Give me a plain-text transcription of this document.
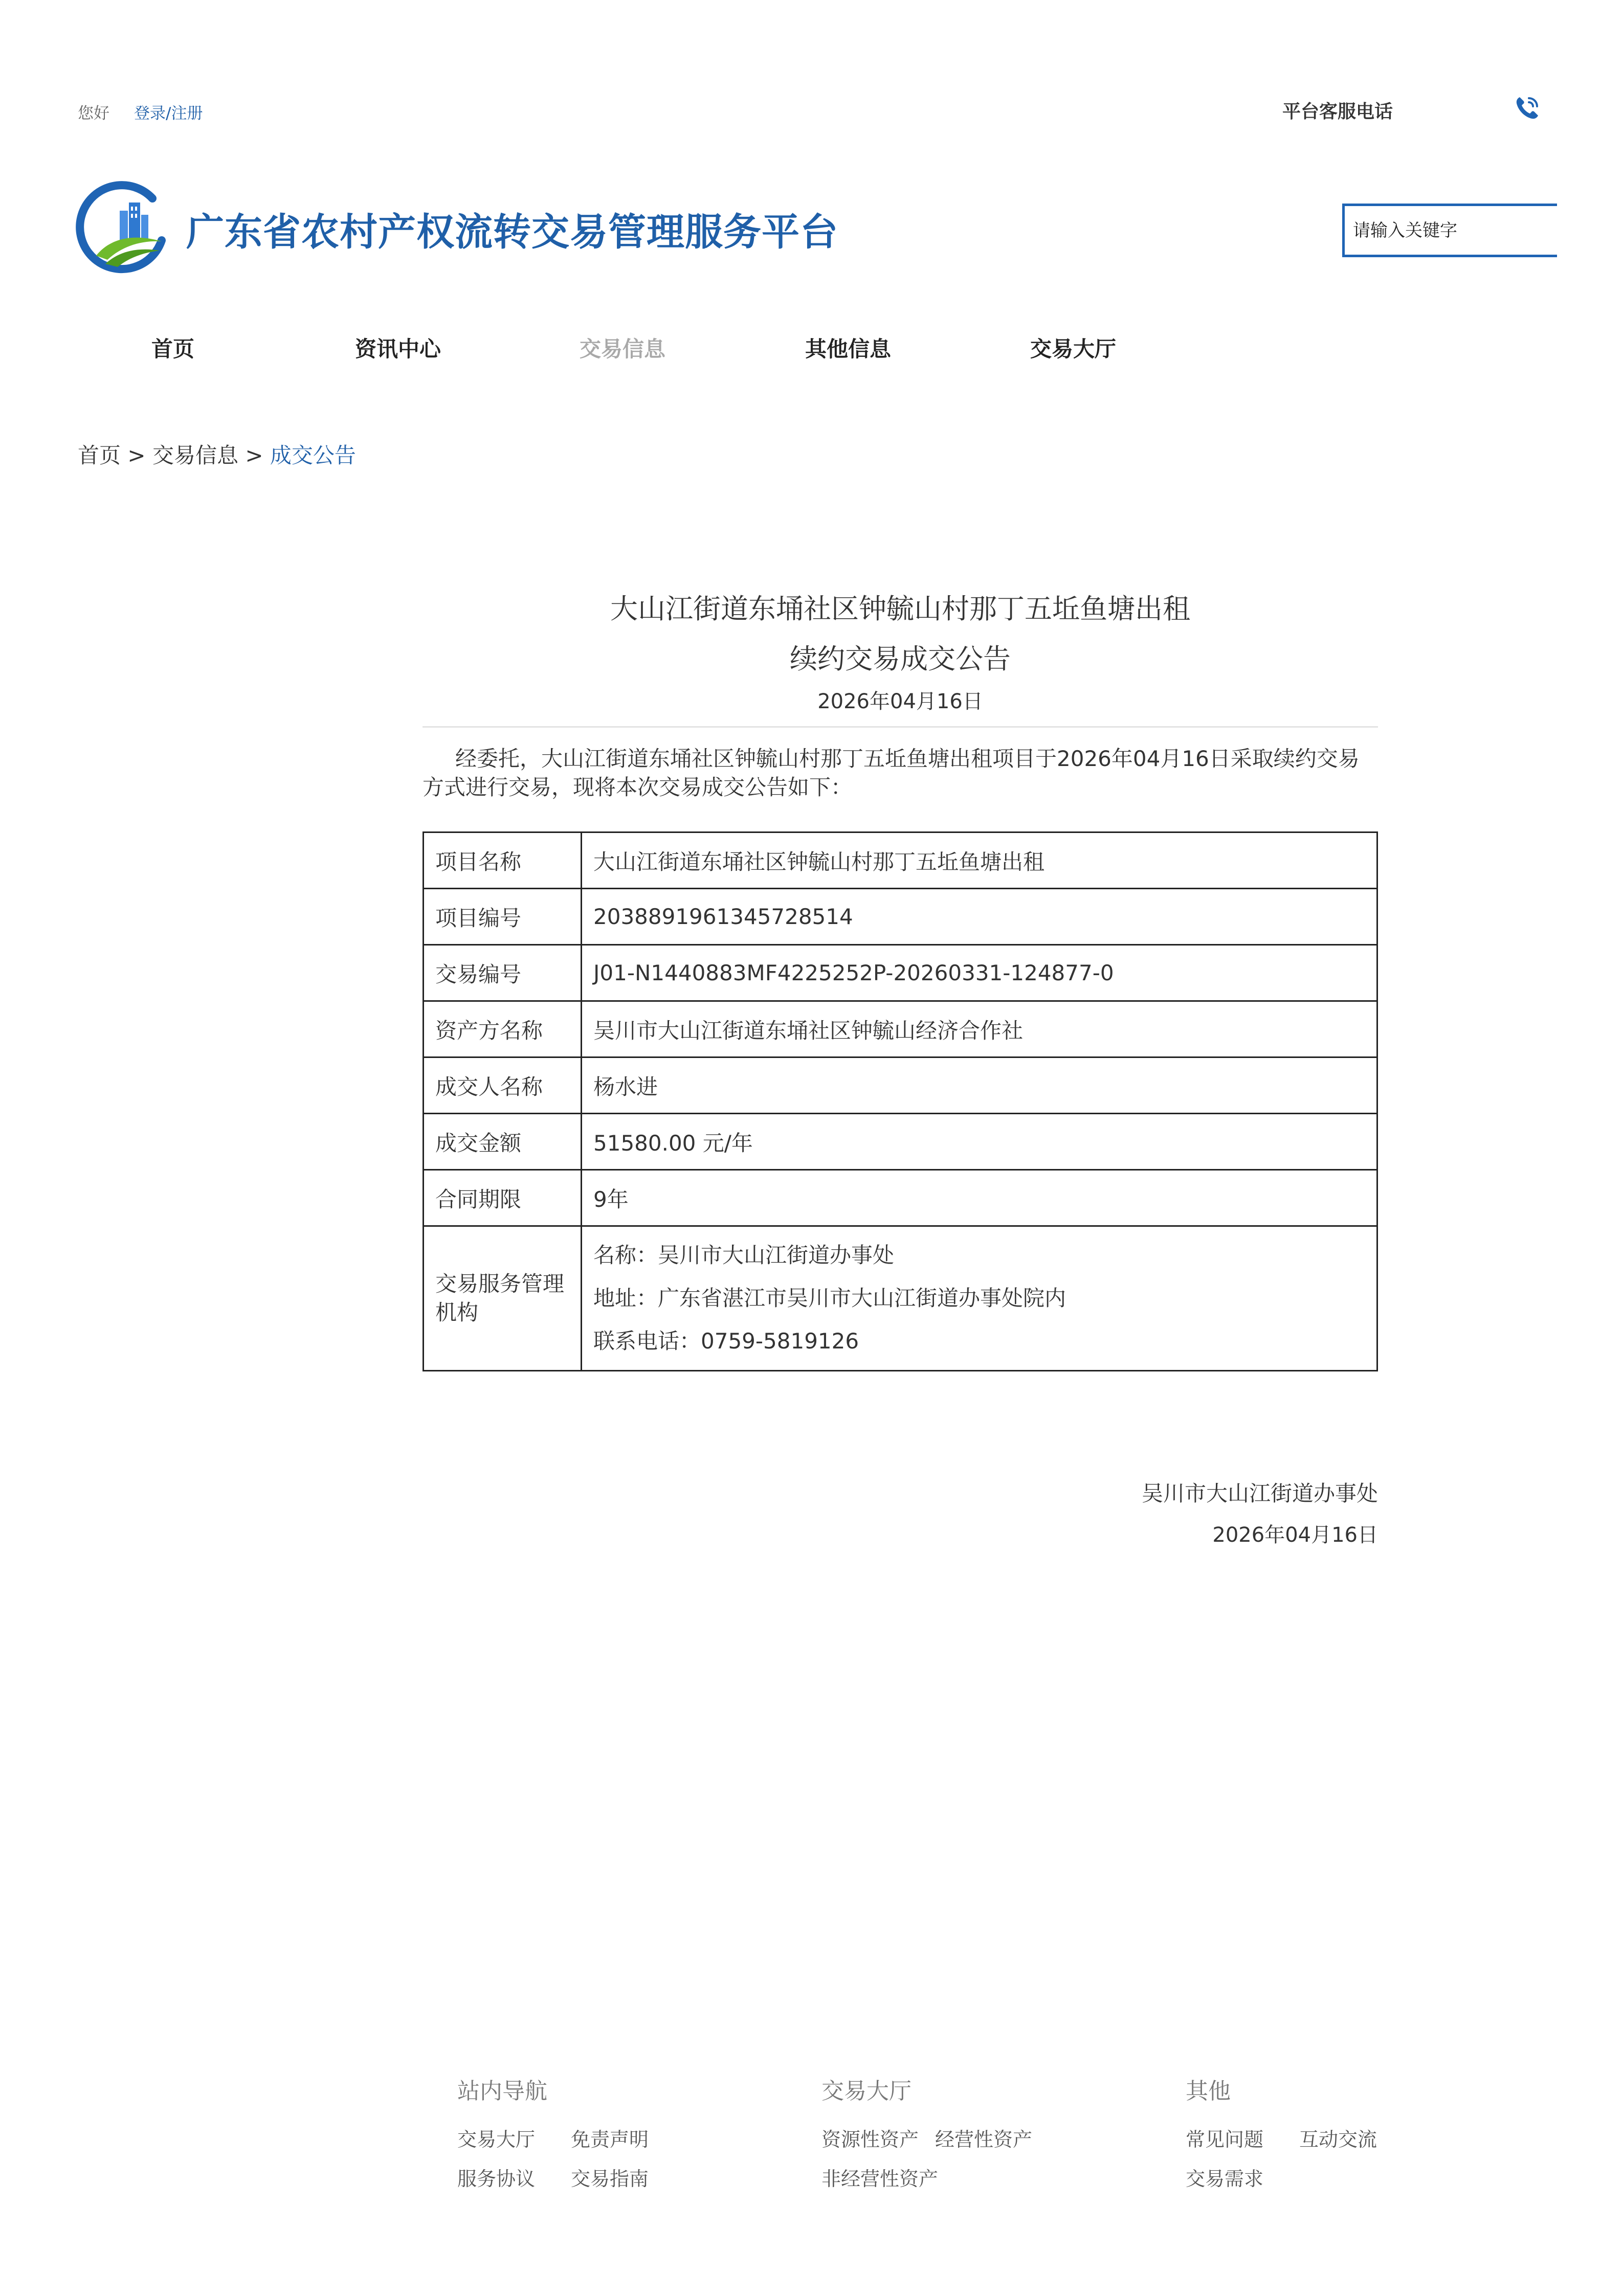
您好 登录/注册	平台客服电话
广东省农村产权流转交易管理服务平台
请输入关键字
首页	资讯中心	交易信息	其他信息	交易大厅
首页 > 交易信息 > 成交公告
大山江街道东埇社区钟毓山村那丁五坵鱼塘出租
续约交易成交公告
2026年04月16日
经委托，大山江街道东埇社区钟毓山村那丁五坵鱼塘出租项目于2026年04月16日采取续约交易方式进行交易，现将本次交易成交公告如下：
项目名称	大山江街道东埇社区钟毓山村那丁五坵鱼塘出租
项目编号	2038891961345728514
交易编号	J01-N1440883MF4225252P-20260331-124877-0
资产方名称	吴川市大山江街道东埇社区钟毓山经济合作社
成交人名称	杨水进
成交金额	51580.00 元/年
合同期限	9年
交易服务管理机构	名称：吴川市大山江街道办事处
地址：广东省湛江市吴川市大山江街道办事处院内
联系电话：0759-5819126
吴川市大山江街道办事处
2026年04月16日
站内导航
交易大厅 免责声明
服务协议 交易指南
交易大厅
资源性资产 经营性资产
非经营性资产
其他
常见问题 互动交流
交易需求
